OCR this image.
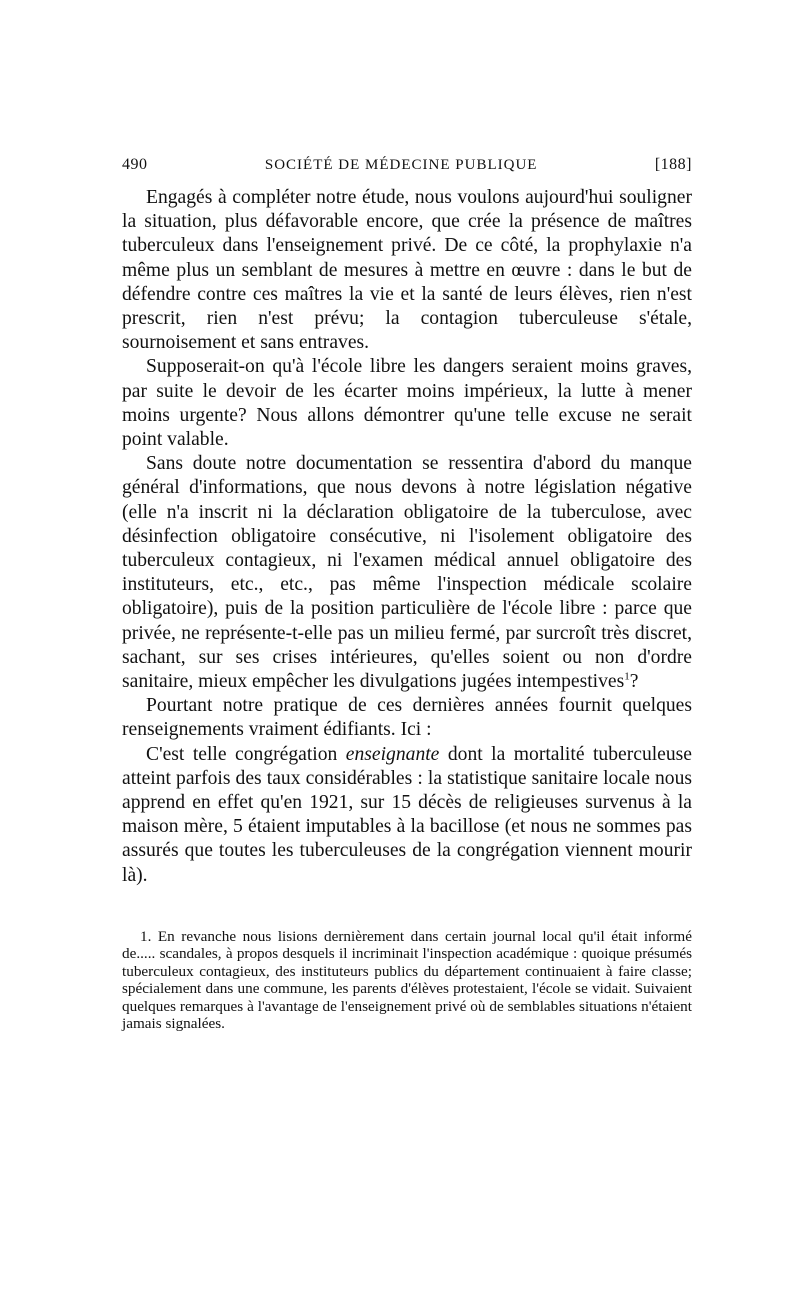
490	SOCIÉTÉ DE MÉDECINE PUBLIQUE	[188]

Engagés à compléter notre étude, nous voulons aujourd'hui souligner la situation, plus défavorable encore, que crée la présence de maîtres tuberculeux dans l'enseignement privé. De ce côté, la prophylaxie n'a même plus un semblant de mesures à mettre en œuvre : dans le but de défendre contre ces maîtres la vie et la santé de leurs élèves, rien n'est prescrit, rien n'est prévu; la contagion tuberculeuse s'étale, sournoisement et sans entraves.

Supposerait-on qu'à l'école libre les dangers seraient moins graves, par suite le devoir de les écarter moins impérieux, la lutte à mener moins urgente? Nous allons démontrer qu'une telle excuse ne serait point valable.

Sans doute notre documentation se ressentira d'abord du manque général d'informations, que nous devons à notre législation négative (elle n'a inscrit ni la déclaration obligatoire de la tuberculose, avec désinfection obligatoire consécutive, ni l'isolement obligatoire des tuberculeux contagieux, ni l'examen médical annuel obligatoire des instituteurs, etc., etc., pas même l'inspection médicale scolaire obligatoire), puis de la position particulière de l'école libre : parce que privée, ne représente-t-elle pas un milieu fermé, par surcroît très discret, sachant, sur ses crises intérieures, qu'elles soient ou non d'ordre sanitaire, mieux empêcher les divulgations jugées intempestives$^1$?

Pourtant notre pratique de ces dernières années fournit quelques renseignements vraiment édifiants. Ici :

C'est telle congrégation enseignante dont la mortalité tuberculeuse atteint parfois des taux considérables : la statistique sanitaire locale nous apprend en effet qu'en 1921, sur 15 décès de religieuses survenus à la maison mère, 5 étaient imputables à la bacillose (et nous ne sommes pas assurés que toutes les tuberculeuses de la congrégation viennent mourir là).

1. En revanche nous lisions dernièrement dans certain journal local qu'il était informé de..... scandales, à propos desquels il incriminait l'inspection académique : quoique présumés tuberculeux contagieux, des instituteurs publics du département continuaient à faire classe; spécialement dans une commune, les parents d'élèves protestaient, l'école se vidait. Suivaient quelques remarques à l'avantage de l'enseignement privé où de semblables situations n'étaient jamais signalées.
